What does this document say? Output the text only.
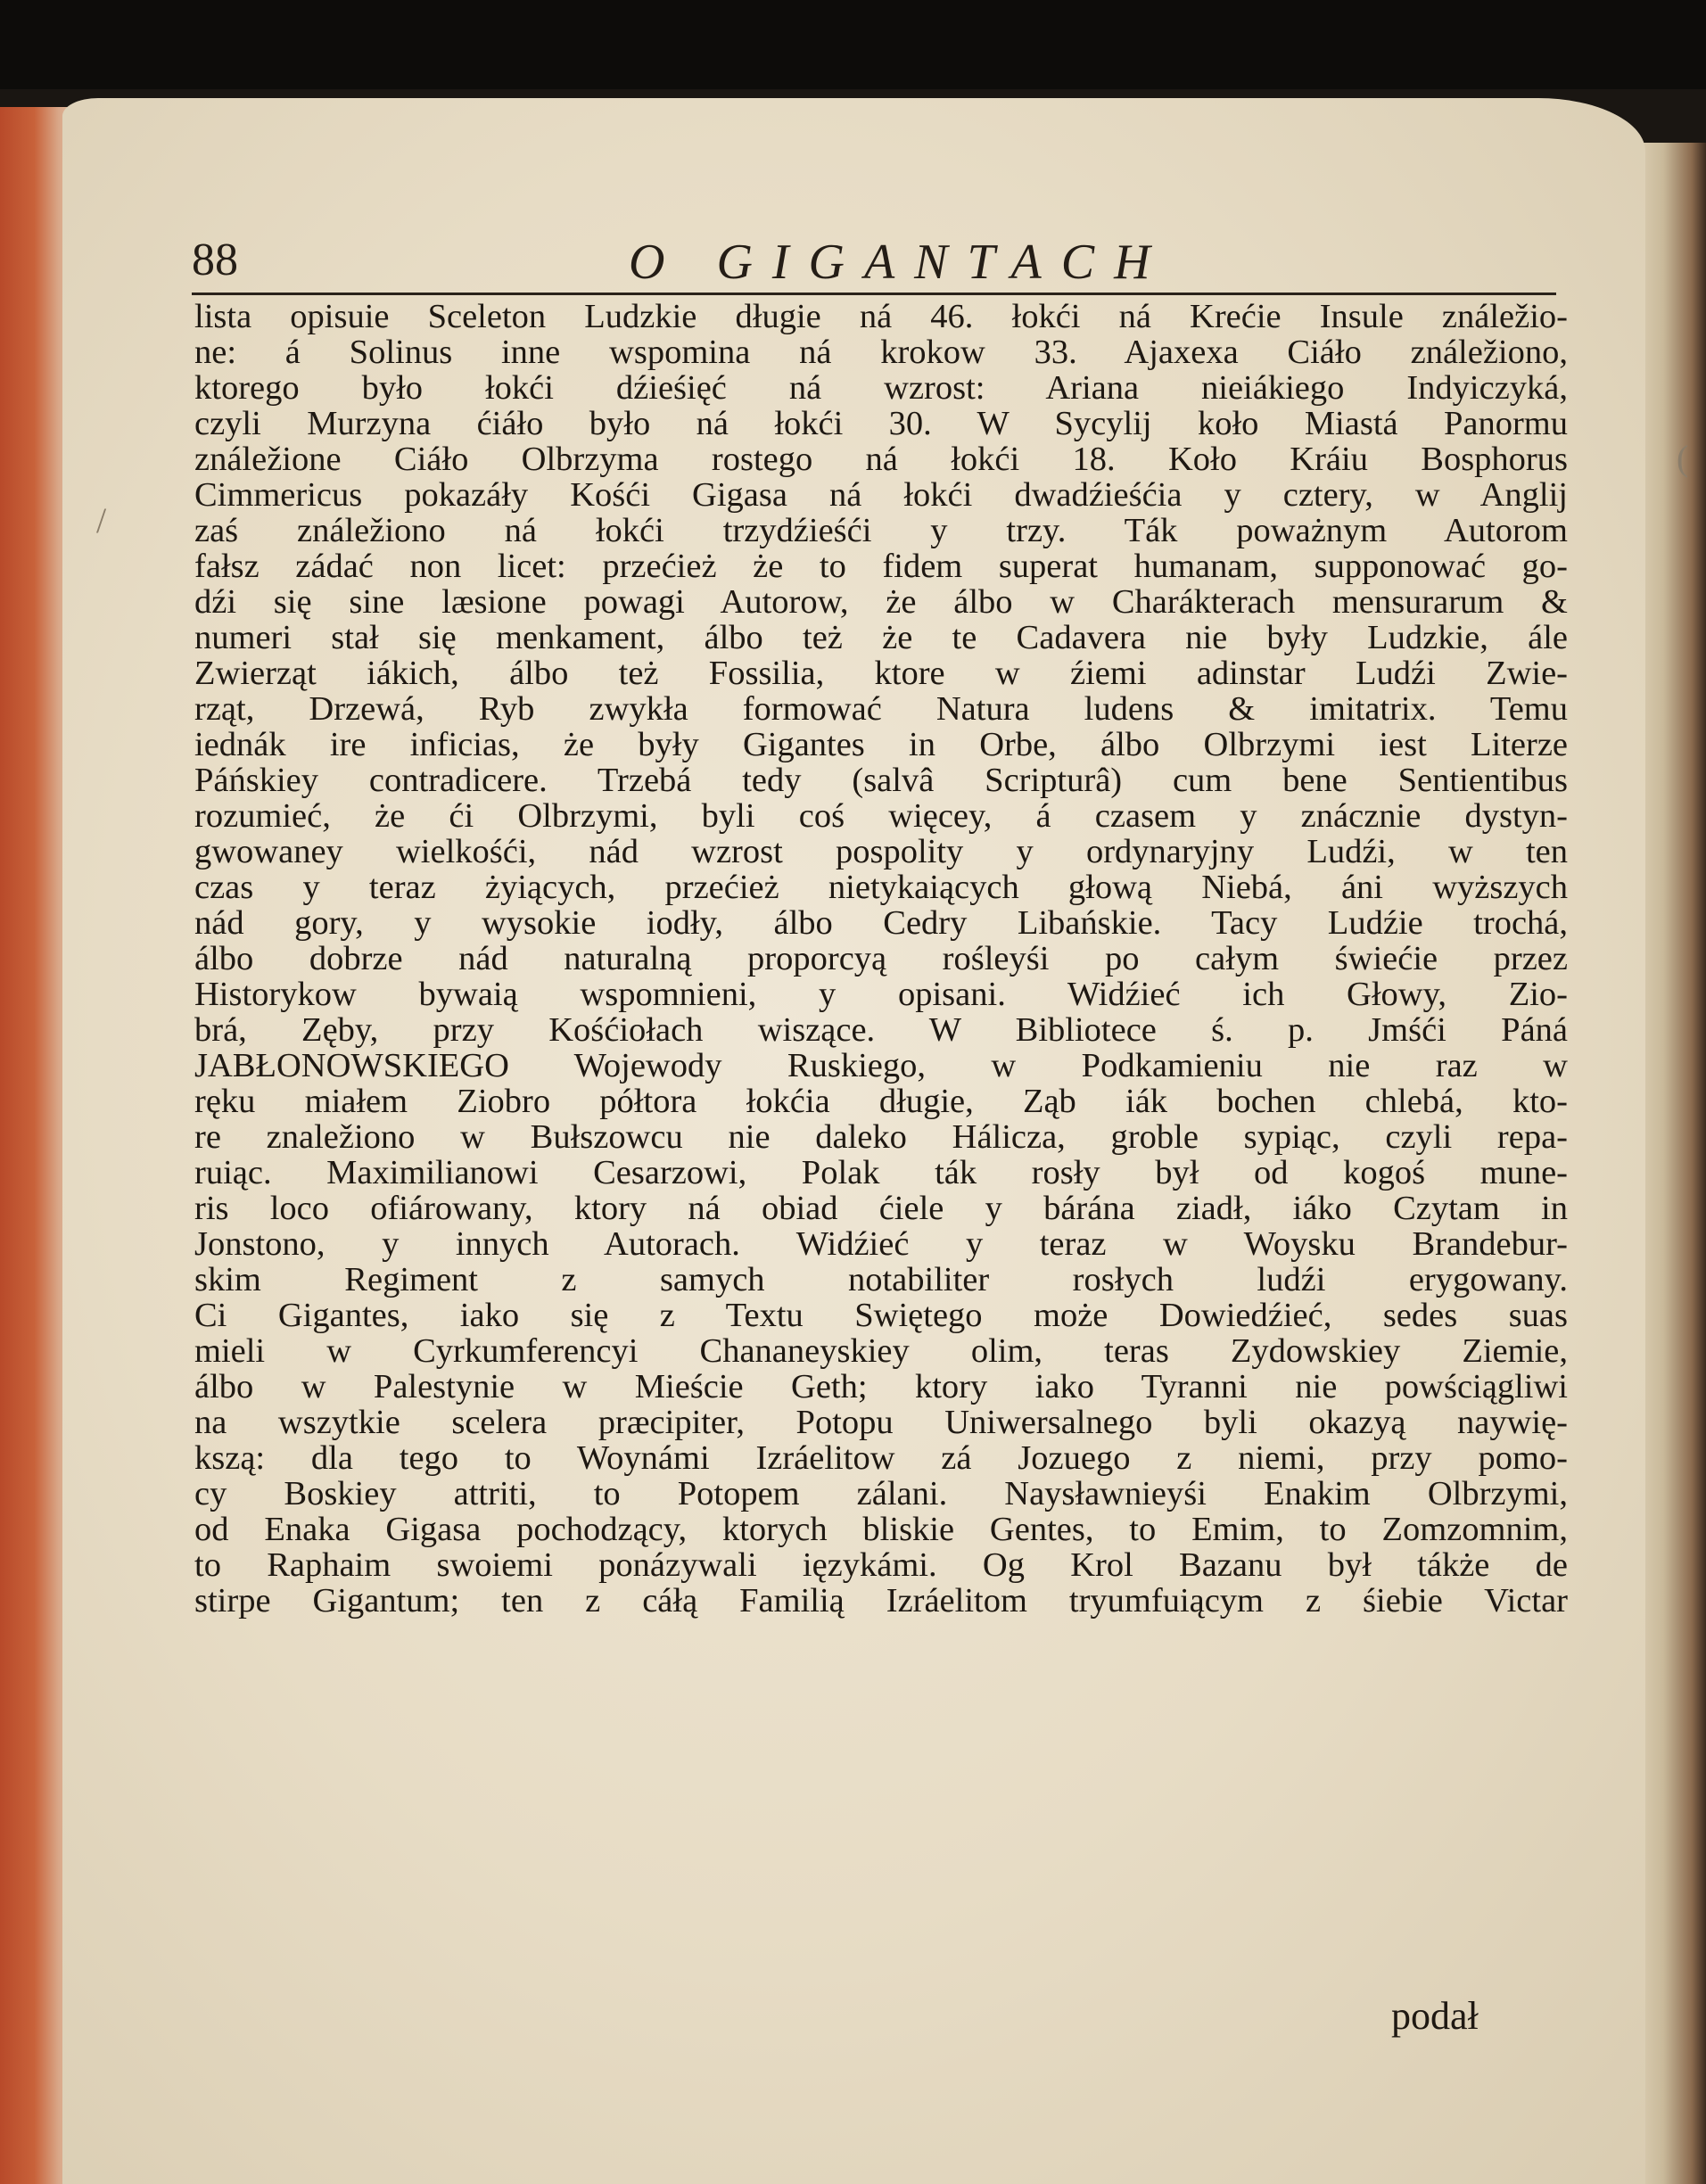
88	O GIGANTACH
/
(
lista opisuie Sceleton Ludzkie długie ná 46. łokći ná Krećie Insule ználežio-
ne: á Solinus inne wspomina ná krokow 33. Ajaxexa Ciáło ználežiono,
ktorego było łokći dźieśięć ná wzrost: Ariana nieiákiego Indyiczyká,
czyli Murzyna ćiáło było ná łokći 30. W Sycylij koło Miastá Panormu
ználežione Ciáło Olbrzyma rostego ná łokći 18. Koło Kráiu Bosphorus
Cimmericus pokazáły Kośći Gigasa ná łokći dwadźieśćia y cztery, w Anglij
zaś ználežiono ná łokći trzydźieśći y trzy. Ták poważnym Autorom
fałsz zádać non licet: przećież że to fidem superat humanam, supponować go-
dźi się sine læsione powagi Autorow, że álbo w Charákterach mensurarum &
numeri stał się menkament, álbo też że te Cadavera nie były Ludzkie, ále
Zwierząt iákich, álbo też Fossilia, ktore w źiemi adinstar Ludźi Zwie-
rząt, Drzewá, Ryb zwykła formować Natura ludens & imitatrix. Temu
iednák ire inficias, że były Gigantes in Orbe, álbo Olbrzymi iest Literze
Páńskiey contradicere. Trzebá tedy (salvâ Scripturâ) cum bene Sentientibus
rozumieć, że ći Olbrzymi, byli coś więcey, á czasem y znácznie dystyn-
gwowaney wielkośći, nád wzrost pospolity y ordynaryjny Ludźi, w ten
czas y teraz żyiących, przećież nietykaiących głową Niebá, áni wyższych
nád gory, y wysokie iodły, álbo Cedry Libańskie. Tacy Ludźie trochá,
álbo dobrze nád naturalną proporcyą rośleyśi po całym świećie przez
Historykow bywaią wspomnieni, y opisani. Widźieć ich Głowy, Zio-
brá, Zęby, przy Kośćiołach wiszące. W Bibliotece ś. p. Jmśći Páná
JABŁONOWSKIEGO Wojewody Ruskiego, w Podkamieniu nie raz w
ręku miałem Ziobro półtora łokćia długie, Ząb iák bochen chlebá, kto-
re znaležiono w Bułszowcu nie daleko Hálicza, groble sypiąc, czyli repa-
ruiąc. Maximilianowi Cesarzowi, Polak ták rosły był od kogoś mune-
ris loco ofiárowany, ktory ná obiad ćiele y bárána ziadł, iáko Czytam in
Jonstono, y innych Autorach. Widźieć y teraz w Woysku Brandebur-
skim Regiment z samych notabiliter rosłych ludźi erygowany.
Ci Gigantes, iako się z Textu Swiętego może Dowiedźieć, sedes suas
mieli w Cyrkumferencyi Chananeyskiey olim, teras Zydowskiey Ziemie,
álbo w Palestynie w Mieście Geth; ktory iako Tyranni nie powściągliwi
na wszytkie scelera præcipiter, Potopu Uniwersalnego byli okazyą naywię-
kszą: dla tego to Woynámi Izráelitow zá Jozuego z niemi, przy pomo-
cy Boskiey attriti, to Potopem zálani. Naysławnieyśi Enakim Olbrzymi,
od Enaka Gigasa pochodzący, ktorych bliskie Gentes, to Emim, to Zomzomnim,
to Raphaim swoiemi ponázywali ięzykámi. Og Krol Bazanu był tákże de
stirpe Gigantum; ten z cáłą Familią Izráelitom tryumfuiącym z śiebie Victar
podał
